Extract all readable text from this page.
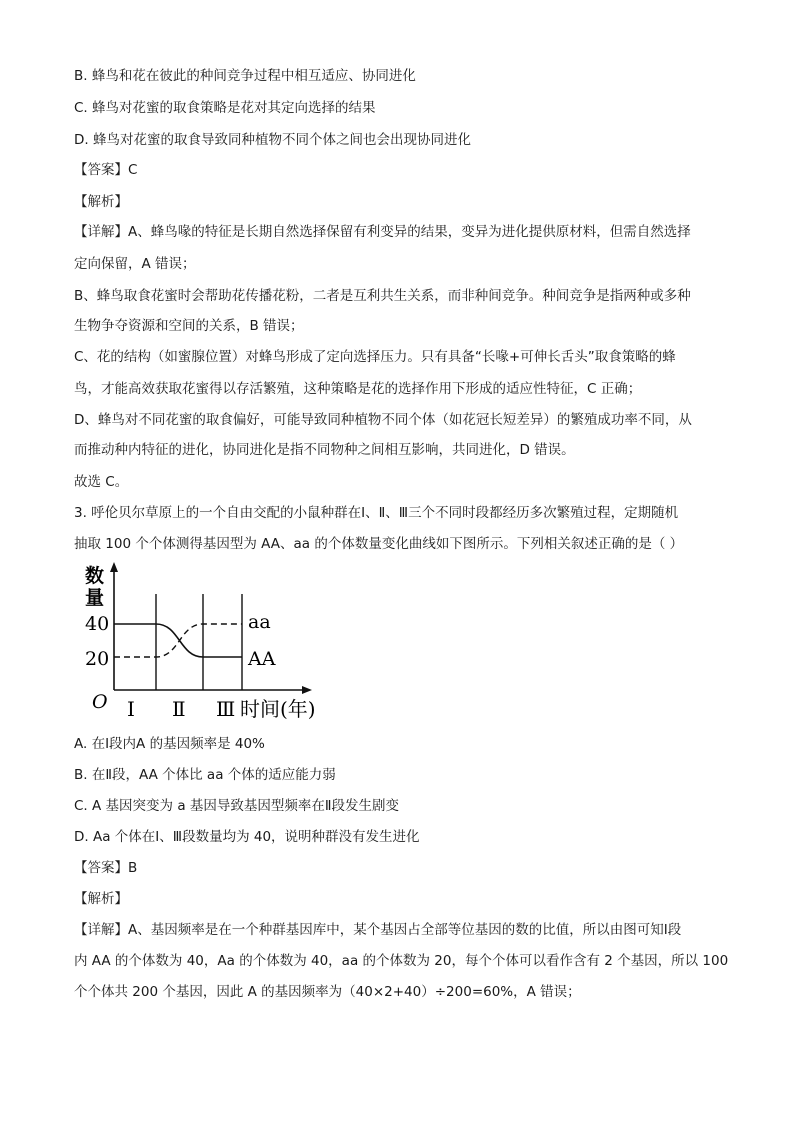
B. 蜂鸟和花在彼此的种间竞争过程中相互适应、协同进化
C. 蜂鸟对花蜜的取食策略是花对其定向选择的结果
D. 蜂鸟对花蜜的取食导致同种植物不同个体之间也会出现协同进化
【答案】C
【解析】
【详解】A、蜂鸟喙的特征是长期自然选择保留有利变异的结果，变异为进化提供原材料，但需自然选择
定向保留，A 错误；
B、蜂鸟取食花蜜时会帮助花传播花粉，二者是互利共生关系，而非种间竞争。种间竞争是指两种或多种
生物争夺资源和空间的关系，B 错误；
C、花的结构（如蜜腺位置）对蜂鸟形成了定向选择压力。只有具备“长喙+可伸长舌头”取食策略的蜂
鸟，才能高效获取花蜜得以存活繁殖，这种策略是花的选择作用下形成的适应性特征，C 正确；
D、蜂鸟对不同花蜜的取食偏好，可能导致同种植物不同个体（如花冠长短差异）的繁殖成功率不同，从
而推动种内特征的进化，协同进化是指不同物种之间相互影响，共同进化，D 错误。
故选 C。
3. 呼伦贝尔草原上的一个自由交配的小鼠种群在Ⅰ、Ⅱ、Ⅲ三个不同时段都经历多次繁殖过程，定期随机
抽取 100 个个体测得基因型为 AA、aa 的个体数量变化曲线如下图所示。下列相关叙述正确的是（ ）
数
量
40
20
O
aa
AA
Ⅰ Ⅱ Ⅲ 时间(年)
A. 在Ⅰ段内A 的基因频率是 40%
B. 在Ⅱ段，AA 个体比 aa 个体的适应能力弱
C. A 基因突变为 a 基因导致基因型频率在Ⅱ段发生剧变
D. Aa 个体在Ⅰ、Ⅲ段数量均为 40，说明种群没有发生进化
【答案】B
【解析】
【详解】A、基因频率是在一个种群基因库中，某个基因占全部等位基因的数的比值，所以由图可知Ⅰ段
内 AA 的个体数为 40，Aa 的个体数为 40，aa 的个体数为 20，每个个体可以看作含有 2 个基因，所以 100
个个体共 200 个基因，因此 A 的基因频率为（40×2+40）÷200=60%，A 错误；
